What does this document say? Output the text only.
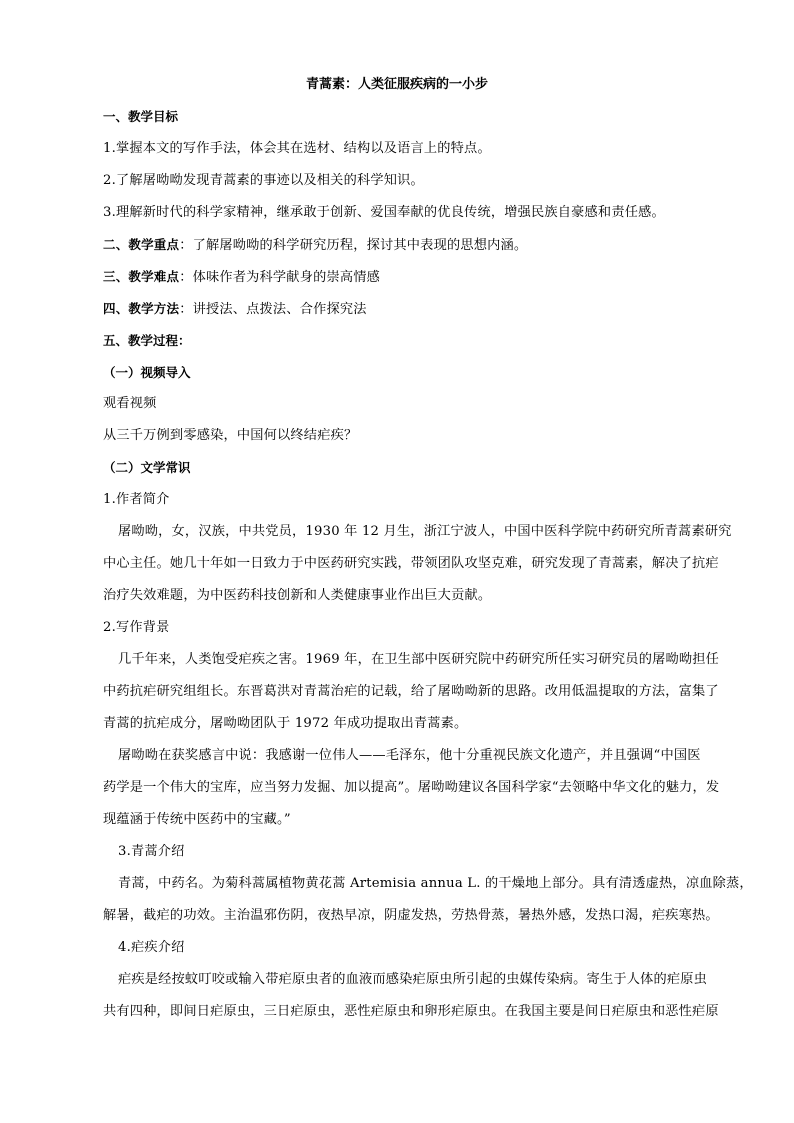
青蒿素：人类征服疾病的一小步
一、教学目标
1.掌握本文的写作手法，体会其在选材、结构以及语言上的特点。
2.了解屠呦呦发现青蒿素的事迹以及相关的科学知识。
3.理解新时代的科学家精神，继承敢于创新、爱国奉献的优良传统，增强民族自豪感和责任感。
二、教学重点：了解屠呦呦的科学研究历程，探讨其中表现的思想内涵。
三、教学难点：体味作者为科学献身的崇高情感
四、教学方法：讲授法、点拨法、合作探究法
五、教学过程：
（一）视频导入
观看视频
从三千万例到零感染，中国何以终结疟疾？
（二）文学常识
1.作者简介
屠呦呦，女，汉族，中共党员，1930 年 12 月生，浙江宁波人，中国中医科学院中药研究所青蒿素研究
中心主任。她几十年如一日致力于中医药研究实践，带领团队攻坚克难，研究发现了青蒿素，解决了抗疟
治疗失效难题，为中医药科技创新和人类健康事业作出巨大贡献。
2.写作背景
几千年来，人类饱受疟疾之害。1969 年，在卫生部中医研究院中药研究所任实习研究员的屠呦呦担任
中药抗疟研究组组长。东晋葛洪对青蒿治疟的记载，给了屠呦呦新的思路。改用低温提取的方法，富集了
青蒿的抗疟成分，屠呦呦团队于 1972 年成功提取出青蒿素。
屠呦呦在获奖感言中说：我感谢一位伟人——毛泽东，他十分重视民族文化遗产，并且强调“中国医
药学是一个伟大的宝库，应当努力发掘、加以提高”。屠呦呦建议各国科学家“去领略中华文化的魅力，发
现蕴涵于传统中医药中的宝藏。”
3.青蒿介绍
青蒿，中药名。为菊科蒿属植物黄花蒿 Artemisia annua L. 的干燥地上部分。具有清透虚热，凉血除蒸，
解暑，截疟的功效。主治温邪伤阴，夜热早凉，阴虚发热，劳热骨蒸，暑热外感，发热口渴，疟疾寒热。
4.疟疾介绍
疟疾是经按蚊叮咬或输入带疟原虫者的血液而感染疟原虫所引起的虫媒传染病。寄生于人体的疟原虫
共有四种，即间日疟原虫，三日疟原虫，恶性疟原虫和卵形疟原虫。在我国主要是间日疟原虫和恶性疟原
